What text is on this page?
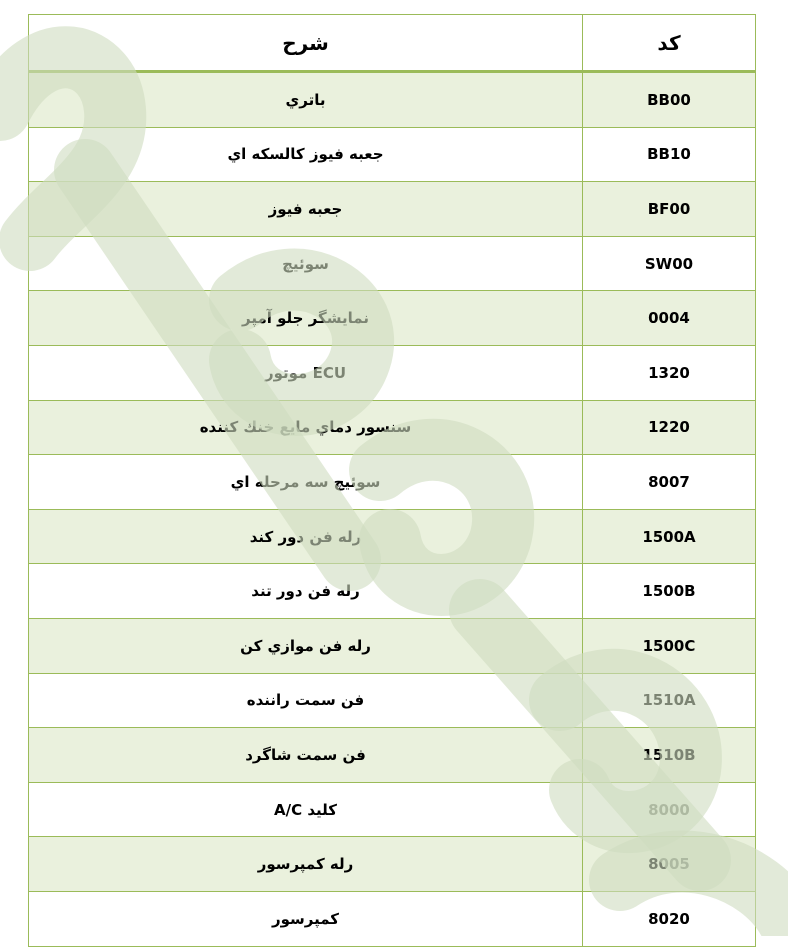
کد	شرح
BB00	باتري
BB10	جعبه فيوز کالسکه اي
BF00	جعبه فيوز
SW00	سوئيچ
0004	نمايشگر جلو آمپر
1320	ECU موتور
1220	سنسور دماي مايع خنك كننده
8007	سوئيچ سه مرحله اي
1500A	رله فن دور كند
1500B	رله فن دور تند
1500C	رله فن موازي كن
1510A	فن سمت راننده
1510B	فن سمت شاگرد
8000	كليد A/C
8005	رله كمپرسور
8020	كمپرسور
